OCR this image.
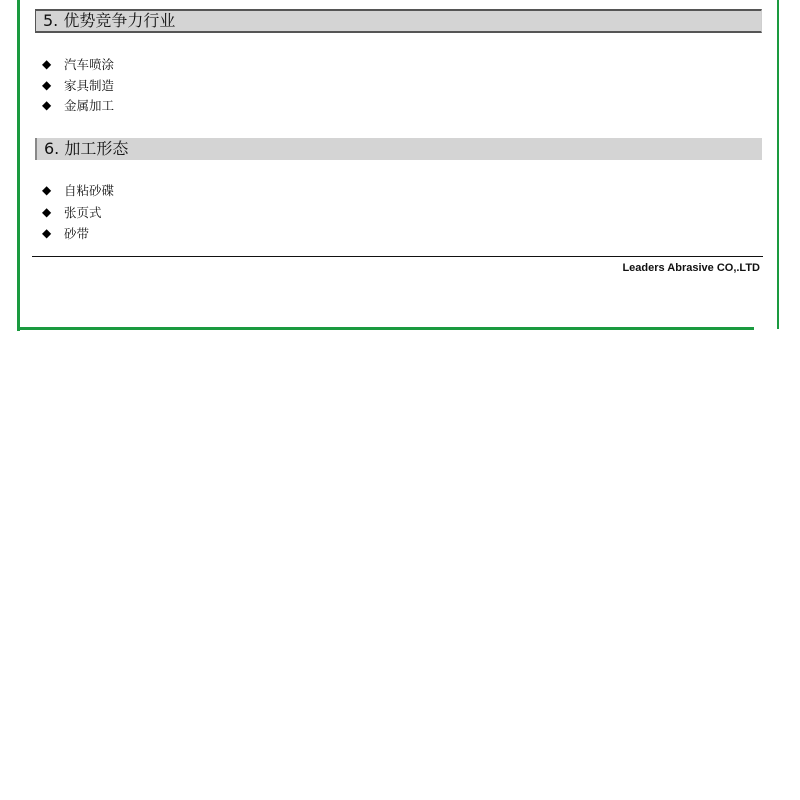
5. 优势竞争力行业
◆	汽车喷涂
◆	家具制造
◆	金属加工
6. 加工形态
◆	自粘砂碟
◆	张页式
◆	砂带
Leaders Abrasive CO,.LTD
